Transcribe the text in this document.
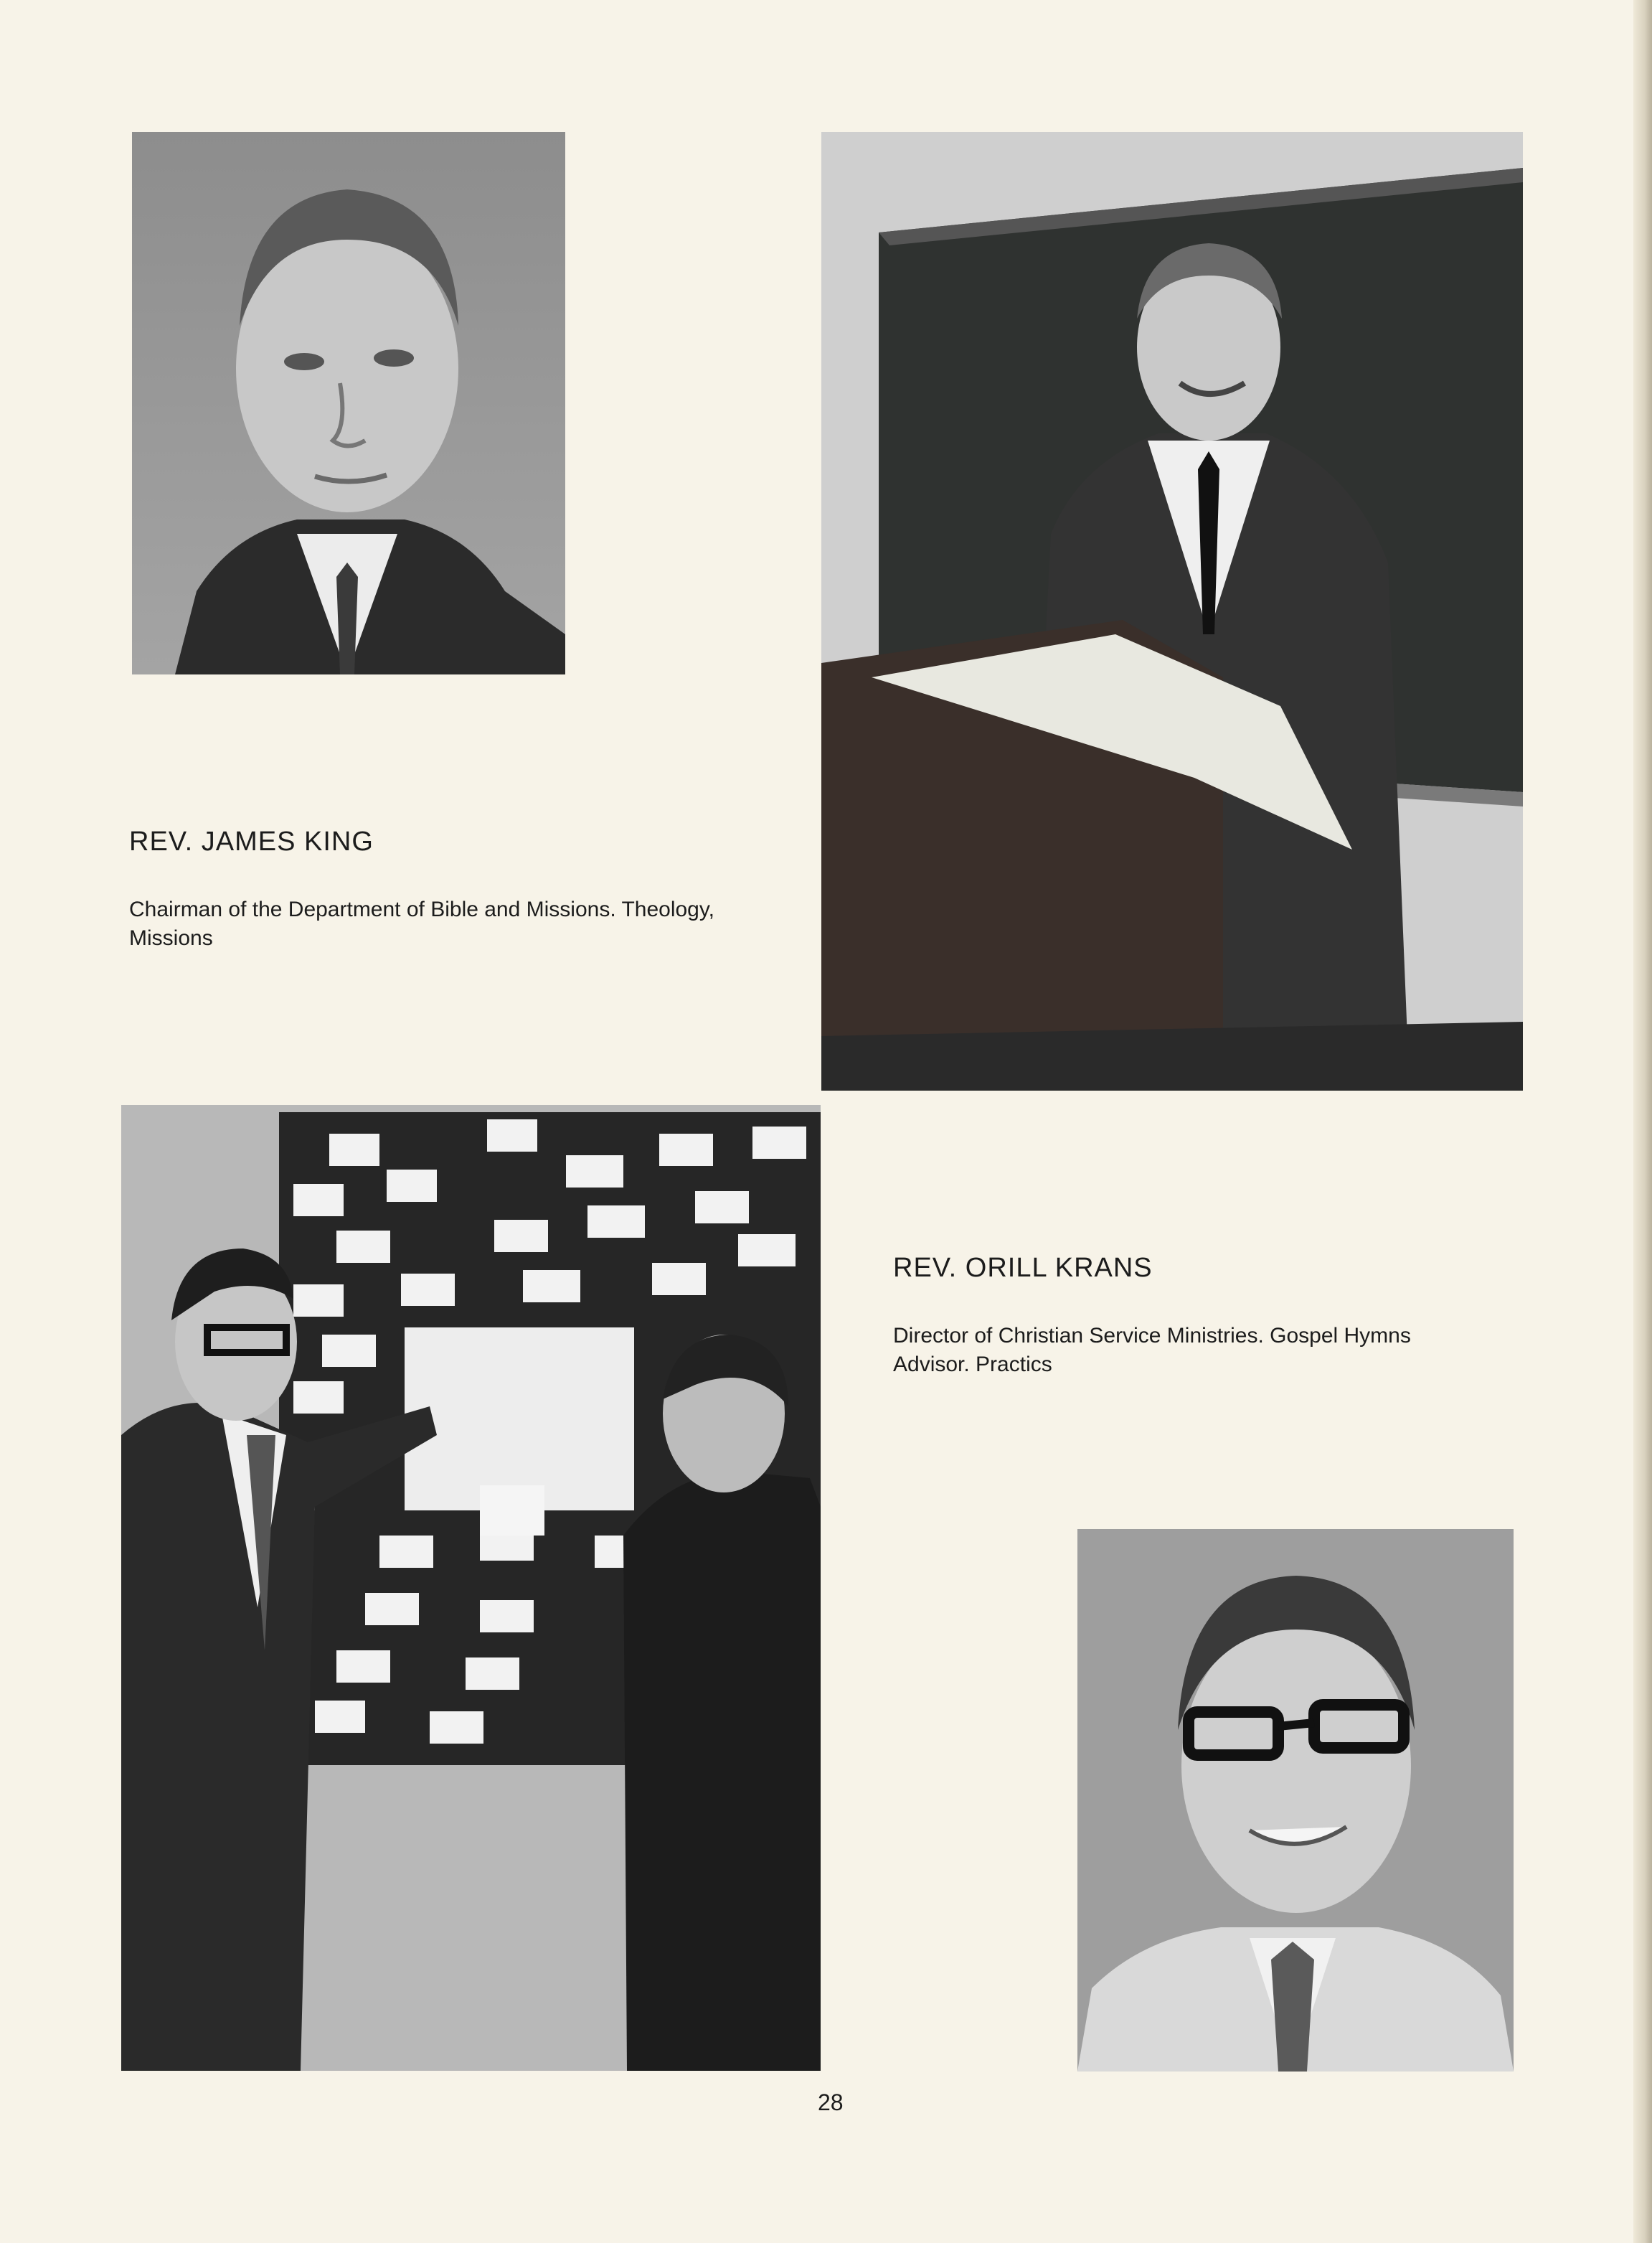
REV. JAMES KING

Chairman of the Department of Bible and Missions. Theology, Missions

REV. ORILL KRANS

Director of Christian Service Ministries. Gospel Hymns Advisor. Practics

28
